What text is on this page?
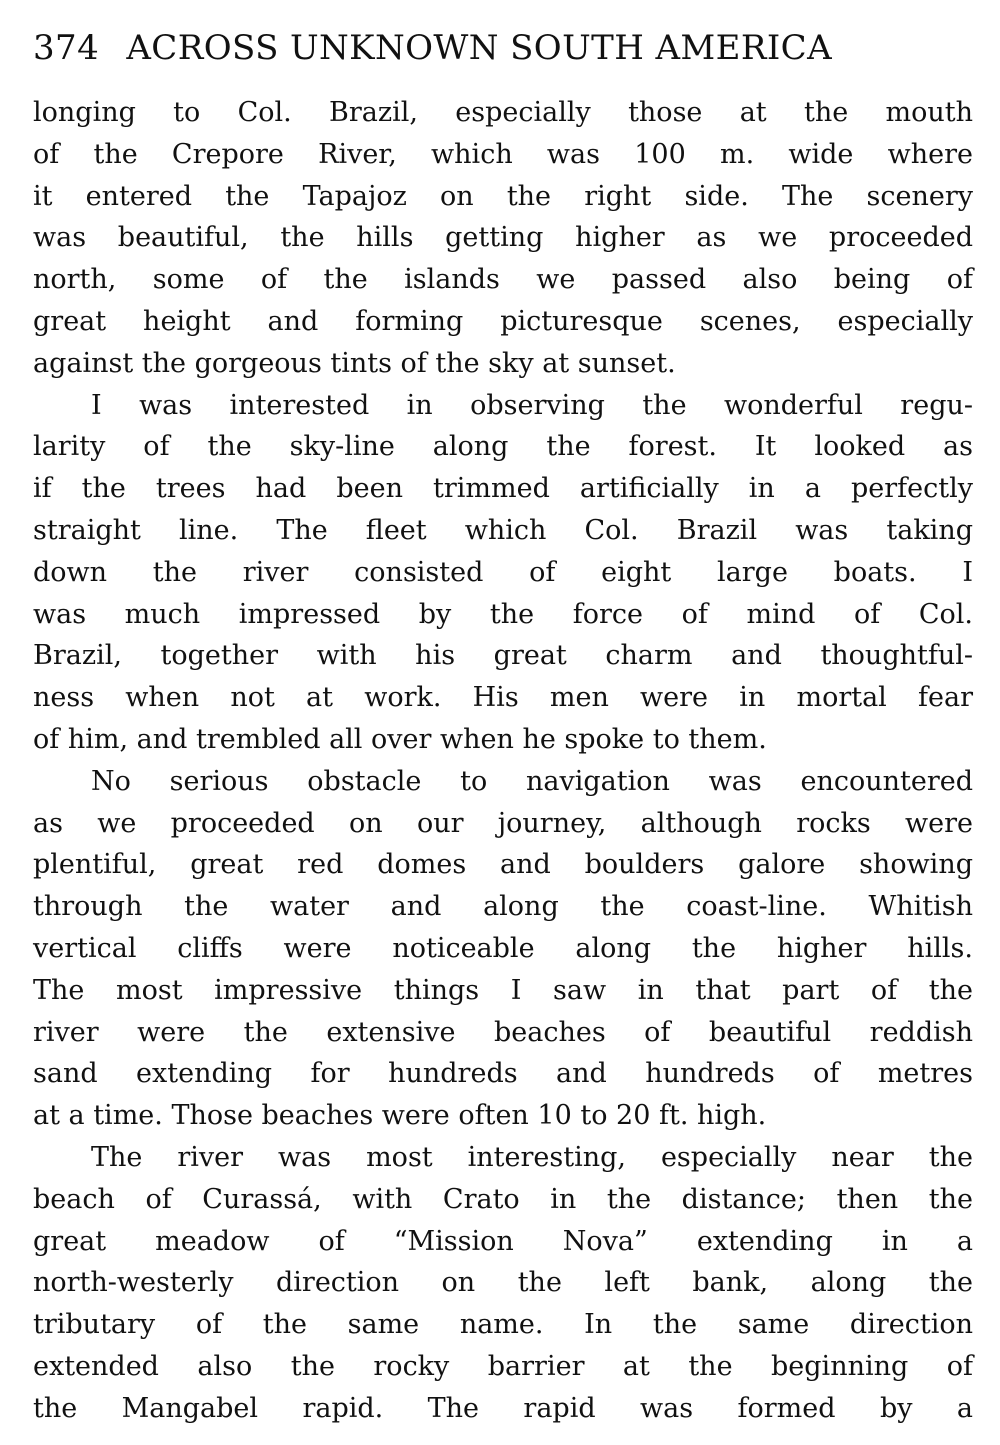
374 ACROSS UNKNOWN SOUTH AMERICA
longing to Col. Brazil, especially those at the mouth
of the Crepore River, which was 100 m. wide where
it entered the Tapajoz on the right side. The scenery
was beautiful, the hills getting higher as we proceeded
north, some of the islands we passed also being of
great height and forming picturesque scenes, especially
against the gorgeous tints of the sky at sunset.
I was interested in observing the wonderful regu-
larity of the sky-line along the forest. It looked as
if the trees had been trimmed artificially in a perfectly
straight line. The fleet which Col. Brazil was taking
down the river consisted of eight large boats. I
was much impressed by the force of mind of Col.
Brazil, together with his great charm and thoughtful-
ness when not at work. His men were in mortal fear
of him, and trembled all over when he spoke to them.
No serious obstacle to navigation was encountered
as we proceeded on our journey, although rocks were
plentiful, great red domes and boulders galore showing
through the water and along the coast-line. Whitish
vertical cliffs were noticeable along the higher hills.
The most impressive things I saw in that part of the
river were the extensive beaches of beautiful reddish
sand extending for hundreds and hundreds of metres
at a time. Those beaches were often 10 to 20 ft. high.
The river was most interesting, especially near the
beach of Curassá, with Crato in the distance; then the
great meadow of “Mission Nova” extending in a
north-westerly direction on the left bank, along the
tributary of the same name. In the same direction
extended also the rocky barrier at the beginning of
the Mangabel rapid. The rapid was formed by a
